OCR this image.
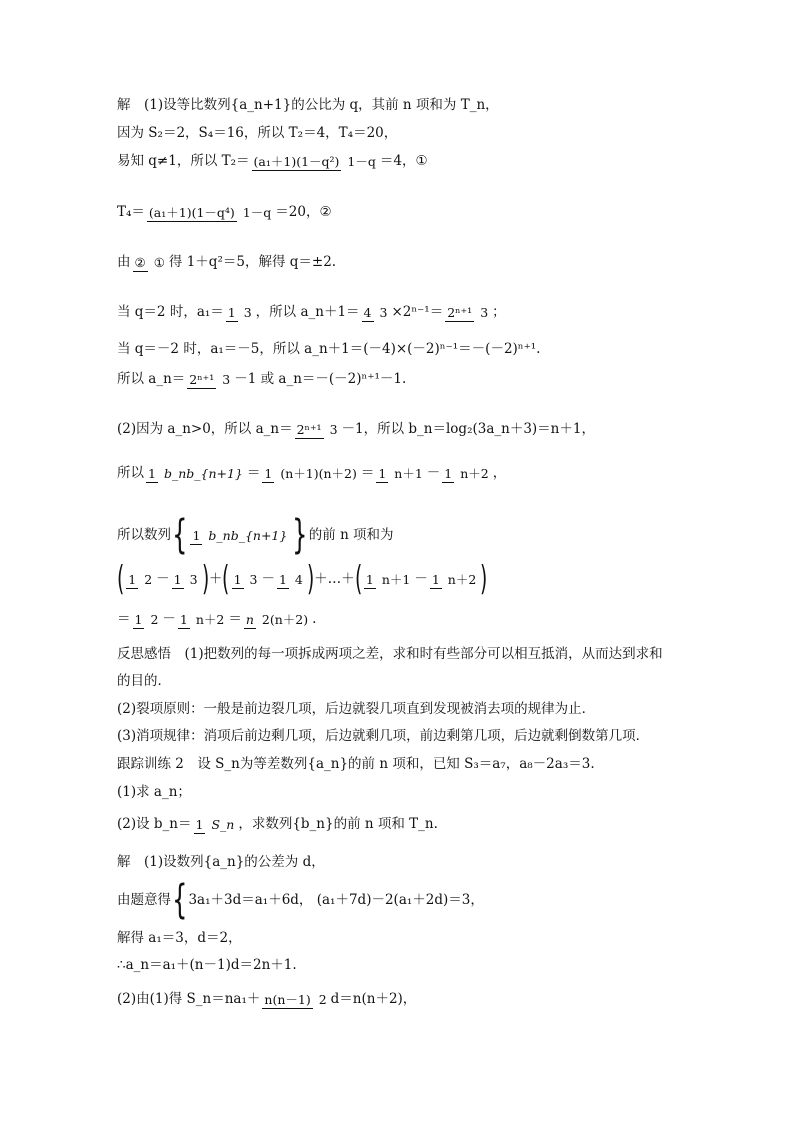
解　(1)设等比数列{a_n+1}的公比为 q，其前 n 项和为 T_n，
因为 S₂＝2，S₄＝16，所以 T₂＝4，T₄＝20，
易知 q≠1，所以 T₂＝ (a₁＋1)(1－q²) 1－q ＝4， ①
T₄＝ (a₁＋1)(1－q⁴) 1－q ＝20， ②
由 ② ① 得 1＋q²＝5，解得 q＝±2.
当 q＝2 时，a₁＝ 1 3 ，所以 a_n＋1＝ 4 3 ×2ⁿ⁻¹＝ 2ⁿ⁺¹ 3 ；
当 q＝－2 时，a₁＝－5，所以 a_n＋1＝(－4)×(－2)ⁿ⁻¹＝－(－2)ⁿ⁺¹.
所以 a_n＝ 2ⁿ⁺¹ 3 －1 或 a_n＝－(－2)ⁿ⁺¹－1.
(2)因为 a_n>0，所以 a_n＝ 2ⁿ⁺¹ 3 －1，所以 b_n＝log₂(3a_n＋3)＝n＋1，
所以 1 b_nb_{n+1} ＝ 1 (n＋1)(n＋2) ＝ 1 n＋1 － 1 n＋2 ，
所以数列 { 1 b_nb_{n+1} } 的前 n 项和为
( 1 2 － 1 3 ) ＋ ( 1 3 － 1 4 ) ＋…＋ ( 1 n＋1 － 1 n＋2 )
＝ 1 2 － 1 n＋2 ＝ n 2(n＋2) .
反思感悟　(1)把数列的每一项拆成两项之差，求和时有些部分可以相互抵消，从而达到求和
的目的．
(2)裂项原则：一般是前边裂几项，后边就裂几项直到发现被消去项的规律为止．
(3)消项规律：消项后前边剩几项，后边就剩几项，前边剩第几项，后边就剩倒数第几项．
跟踪训练 2　设 S_n为等差数列{a_n}的前 n 项和，已知 S₃＝a₇，a₈－2a₃＝3.
(1)求 a_n；
(2)设 b_n＝ 1 S_n ，求数列{b_n}的前 n 项和 T_n.
解　(1)设数列{a_n}的公差为 d，
由题意得 { 3a₁＋3d＝a₁＋6d， (a₁＋7d)－2(a₁＋2d)＝3，
解得 a₁＝3，d＝2，
∴a_n＝a₁＋(n－1)d＝2n＋1.
(2)由(1)得 S_n＝na₁＋ n(n－1) 2 d＝n(n＋2)，
